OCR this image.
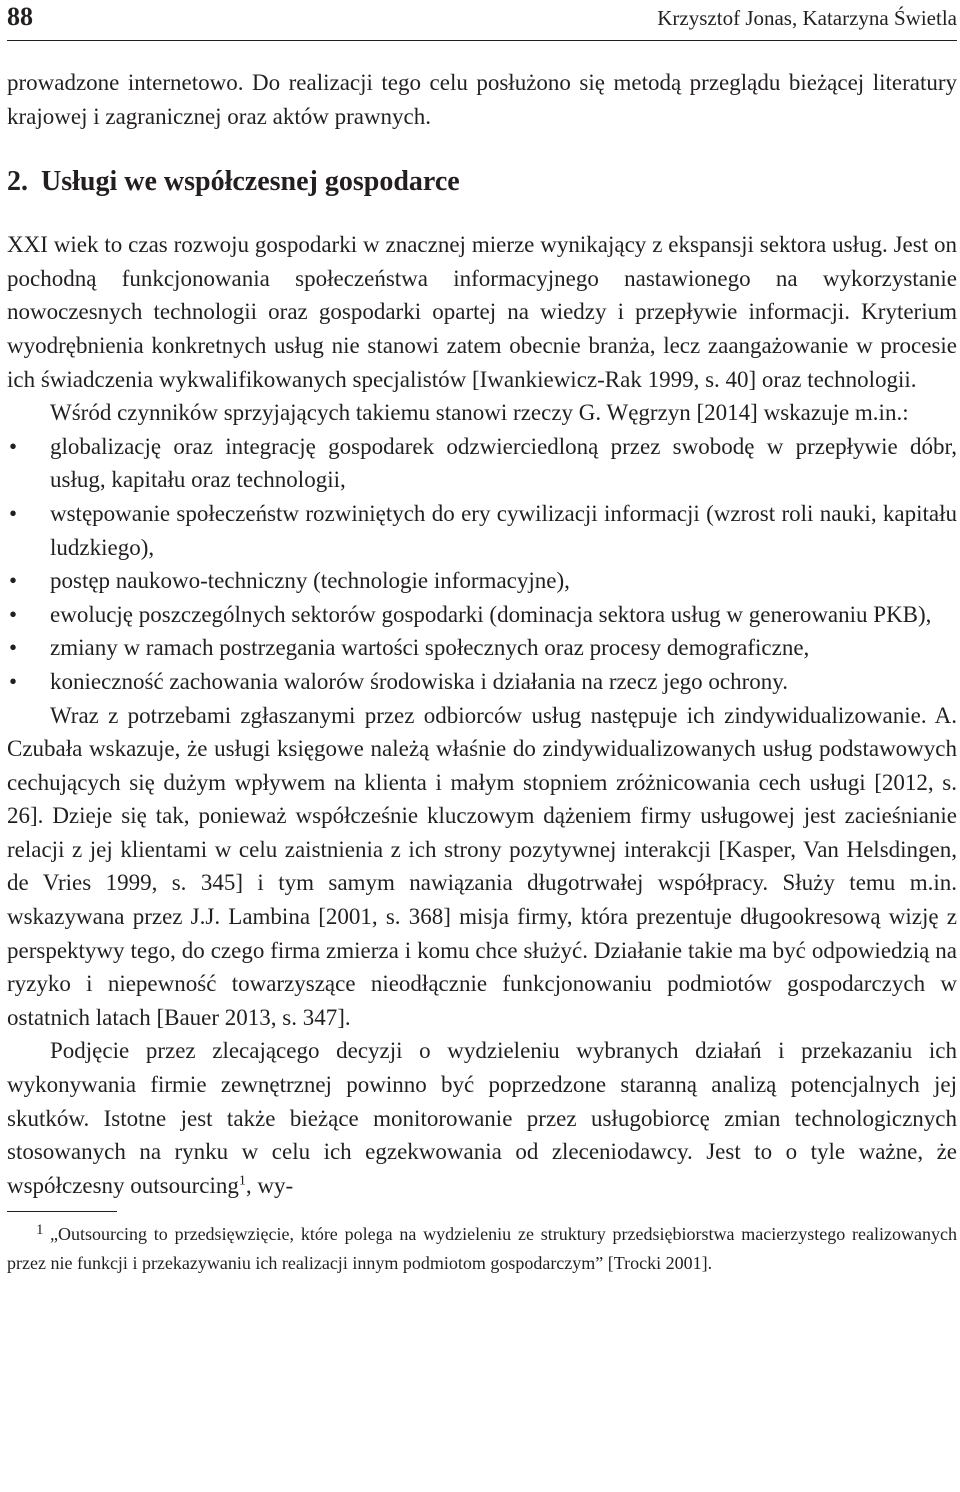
88	Krzysztof Jonas, Katarzyna Świetla

prowadzone internetowo. Do realizacji tego celu posłużono się metodą przeglądu bieżącej literatury krajowej i zagranicznej oraz aktów prawnych.

2. Usługi we współczesnej gospodarce

XXI wiek to czas rozwoju gospodarki w znacznej mierze wynikający z ekspansji sektora usług. Jest on pochodną funkcjonowania społeczeństwa informacyjnego nastawionego na wykorzystanie nowoczesnych technologii oraz gospodarki opartej na wiedzy i przepływie informacji. Kryterium wyodrębnienia konkretnych usług nie stanowi zatem obecnie branża, lecz zaangażowanie w procesie ich świadczenia wykwalifikowanych specjalistów [Iwankiewicz-Rak 1999, s. 40] oraz technologii.

Wśród czynników sprzyjających takiemu stanowi rzeczy G. Węgrzyn [2014] wskazuje m.in.:

• globalizację oraz integrację gospodarek odzwierciedloną przez swobodę w przepływie dóbr, usług, kapitału oraz technologii,
• wstępowanie społeczeństw rozwiniętych do ery cywilizacji informacji (wzrost roli nauki, kapitału ludzkiego),
• postęp naukowo-techniczny (technologie informacyjne),
• ewolucję poszczególnych sektorów gospodarki (dominacja sektora usług w generowaniu PKB),
• zmiany w ramach postrzegania wartości społecznych oraz procesy demograficzne,
• konieczność zachowania walorów środowiska i działania na rzecz jego ochrony.

Wraz z potrzebami zgłaszanymi przez odbiorców usług następuje ich zindywidualizowanie. A. Czubała wskazuje, że usługi księgowe należą właśnie do zindywidualizowanych usług podstawowych cechujących się dużym wpływem na klienta i małym stopniem zróżnicowania cech usługi [2012, s. 26]. Dzieje się tak, ponieważ współcześnie kluczowym dążeniem firmy usługowej jest zacieśnianie relacji z jej klientami w celu zaistnienia z ich strony pozytywnej interakcji [Kasper, Van Helsdingen, de Vries 1999, s. 345] i tym samym nawiązania długotrwałej współpracy. Służy temu m.in. wskazywana przez J.J. Lambina [2001, s. 368] misja firmy, która prezentuje długookresową wizję z perspektywy tego, do czego firma zmierza i komu chce służyć. Działanie takie ma być odpowiedzią na ryzyko i niepewność towarzyszące nieodłącznie funkcjonowaniu podmiotów gospodarczych w ostatnich latach [Bauer 2013, s. 347].

Podjęcie przez zlecającego decyzji o wydzieleniu wybranych działań i przekazaniu ich wykonywania firmie zewnętrznej powinno być poprzedzone staranną analizą potencjalnych jej skutków. Istotne jest także bieżące monitorowanie przez usługobiorcę zmian technologicznych stosowanych na rynku w celu ich egzekwowania od zleceniodawcy. Jest to o tyle ważne, że współczesny outsourcing$^1$, wy-

1 „Outsourcing to przedsięwzięcie, które polega na wydzieleniu ze struktury przedsiębiorstwa macierzystego realizowanych przez nie funkcji i przekazywaniu ich realizacji innym podmiotom gospodarczym” [Trocki 2001].
